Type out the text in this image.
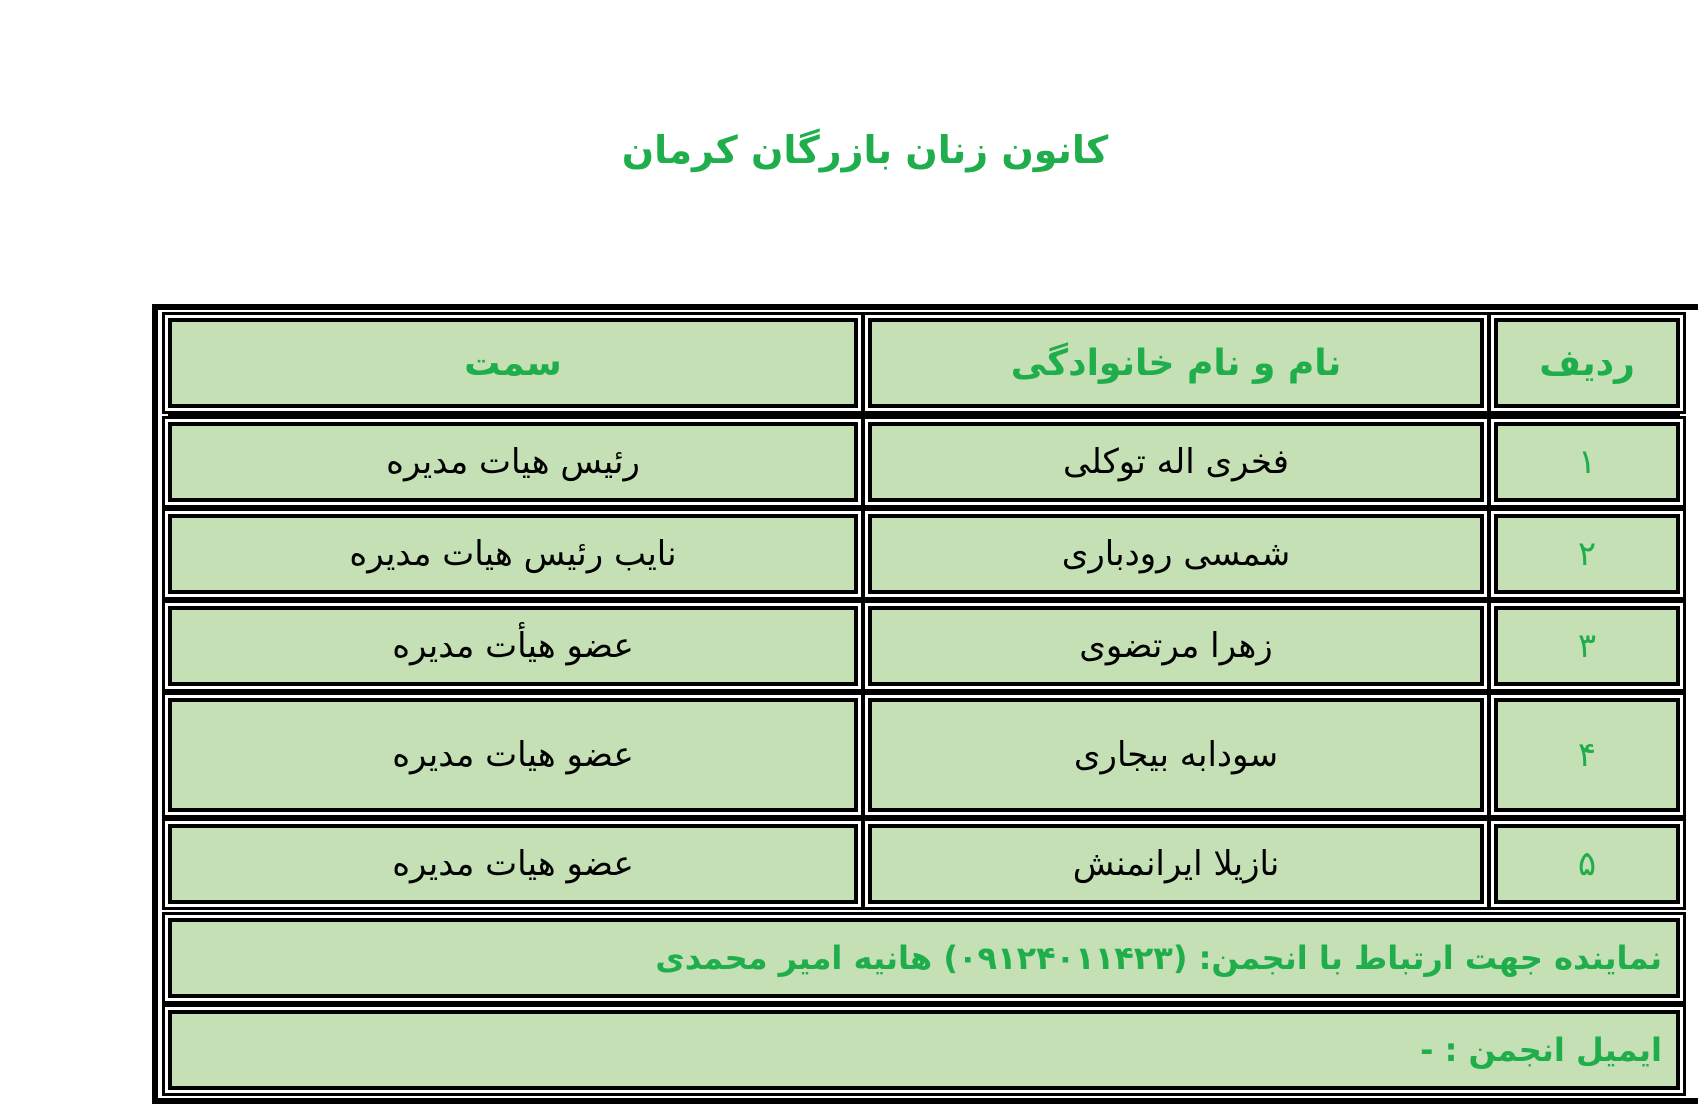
کانون زنان بازرگان کرمان
ردیف
نام و نام خانوادگی
سمت
۱
فخری اله توکلی
رئیس هیات مدیره
۲
شمسی رودباری
نایب رئیس هیات مدیره
۳
زهرا مرتضوی
عضو هیأت مدیره
۴
سودابه بیجاری
عضو هیات مدیره
۵
نازیلا ایرانمنش
عضو هیات مدیره
نماینده جهت ارتباط با انجمن: (۰۹۱۲۴۰۱۱۴۲۳) هانیه امیر محمدی
ایمیل انجمن : -
